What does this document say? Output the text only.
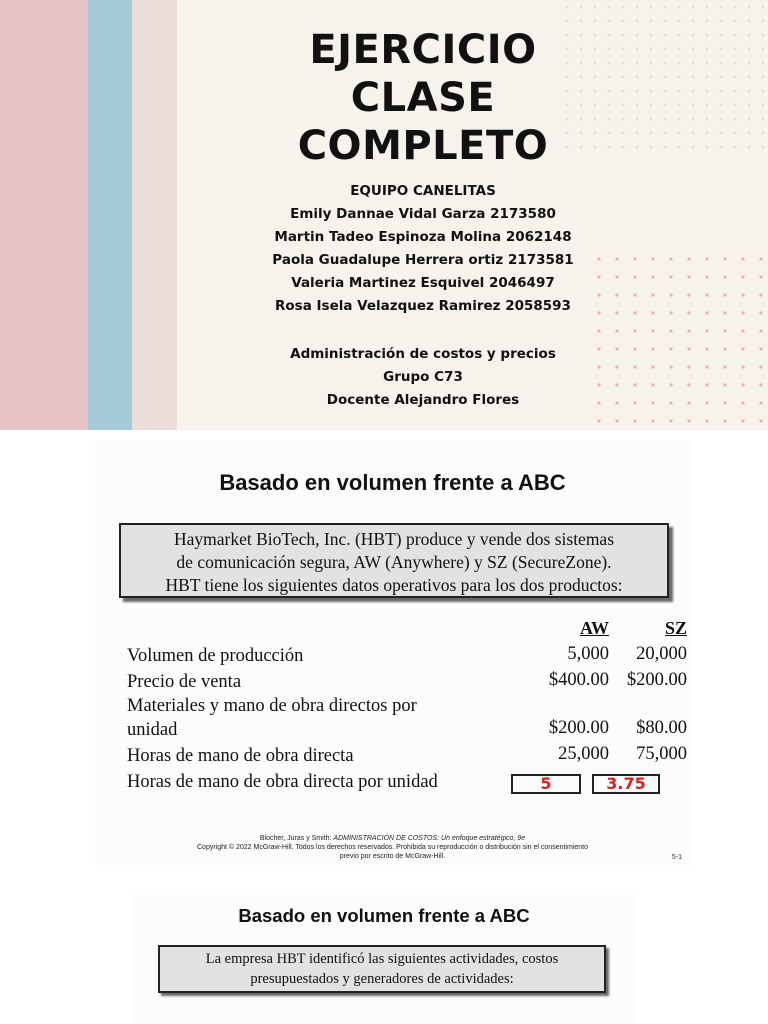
EJERCICIO
CLASE
COMPLETO
EQUIPO CANELITAS
Emily Dannae Vidal Garza 2173580
Martin Tadeo Espinoza Molina 2062148
Paola Guadalupe Herrera ortiz 2173581
Valeria Martinez Esquivel 2046497
Rosa Isela Velazquez Ramirez 2058593
Administración de costos y precios
Grupo C73
Docente Alejandro Flores
Basado en volumen frente a ABC
Haymarket BioTech, Inc. (HBT) produce y vende dos sistemas
de comunicación segura, AW (Anywhere) y SZ (SecureZone).
HBT tiene los siguientes datos operativos para los dos productos:
AW	SZ
Volumen de producción	5,000	20,000
Precio de venta	$400.00 $200.00
Materiales y mano de obra directos por
unidad	$200.00	$80.00
Horas de mano de obra directa	25,000	75,000
Horas de mano de obra directa por unidad	5	3.75
Blocher, Juras y Smith: ADMINISTRACIÓN DE COSTOS: Un enfoque estratégico, 9e
Copyright © 2022 McGraw-Hill. Todos los derechos reservados. Prohibida su reproducción o distribución sin el consentimiento
previo por escrito de McGraw-Hill.	5-1
Basado en volumen frente a ABC
La empresa HBT identificó las siguientes actividades, costos
presupuestados y generadores de actividades:
